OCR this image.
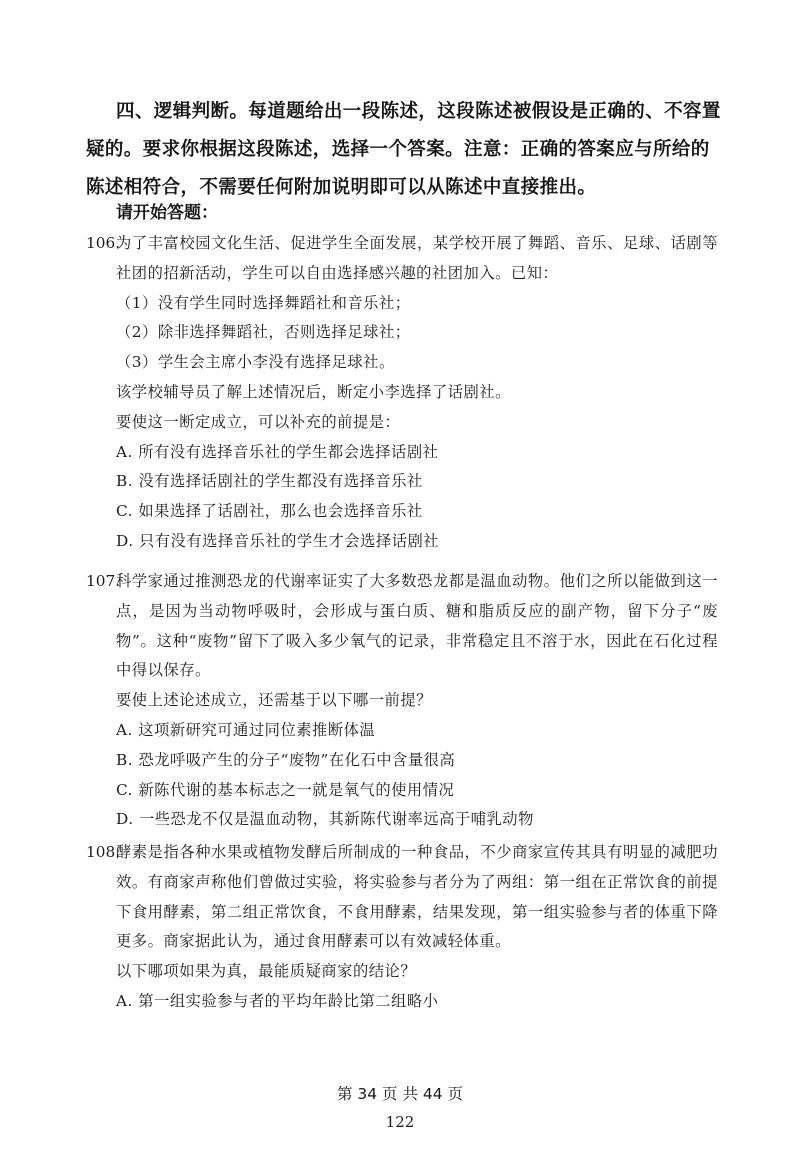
四、逻辑判断。每道题给出一段陈述，这段陈述被假设是正确的、不容置疑的。要求你根据这段陈述，选择一个答案。注意：正确的答案应与所给的陈述相符合，不需要任何附加说明即可以从陈述中直接推出。
请开始答题：
106.
为了丰富校园文化生活、促进学生全面发展，某学校开展了舞蹈、音乐、足球、话剧等社团的招新活动，学生可以自由选择感兴趣的社团加入。已知：
（1）没有学生同时选择舞蹈社和音乐社；
（2）除非选择舞蹈社，否则选择足球社；
（3）学生会主席小李没有选择足球社。
该学校辅导员了解上述情况后，断定小李选择了话剧社。
要使这一断定成立，可以补充的前提是：
A. 所有没有选择音乐社的学生都会选择话剧社
B. 没有选择话剧社的学生都没有选择音乐社
C. 如果选择了话剧社，那么也会选择音乐社
D. 只有没有选择音乐社的学生才会选择话剧社
107.
科学家通过推测恐龙的代谢率证实了大多数恐龙都是温血动物。他们之所以能做到这一点，是因为当动物呼吸时，会形成与蛋白质、糖和脂质反应的副产物，留下分子“废物”。这种“废物”留下了吸入多少氧气的记录，非常稳定且不溶于水，因此在石化过程中得以保存。
要使上述论述成立，还需基于以下哪一前提？
A. 这项新研究可通过同位素推断体温
B. 恐龙呼吸产生的分子“废物”在化石中含量很高
C. 新陈代谢的基本标志之一就是氧气的使用情况
D. 一些恐龙不仅是温血动物，其新陈代谢率远高于哺乳动物
108.
酵素是指各种水果或植物发酵后所制成的一种食品，不少商家宣传其具有明显的减肥功效。有商家声称他们曾做过实验，将实验参与者分为了两组：第一组在正常饮食的前提下食用酵素，第二组正常饮食，不食用酵素，结果发现，第一组实验参与者的体重下降更多。商家据此认为，通过食用酵素可以有效减轻体重。
以下哪项如果为真，最能质疑商家的结论？
A. 第一组实验参与者的平均年龄比第二组略小
第 34 页 共 44 页
122
